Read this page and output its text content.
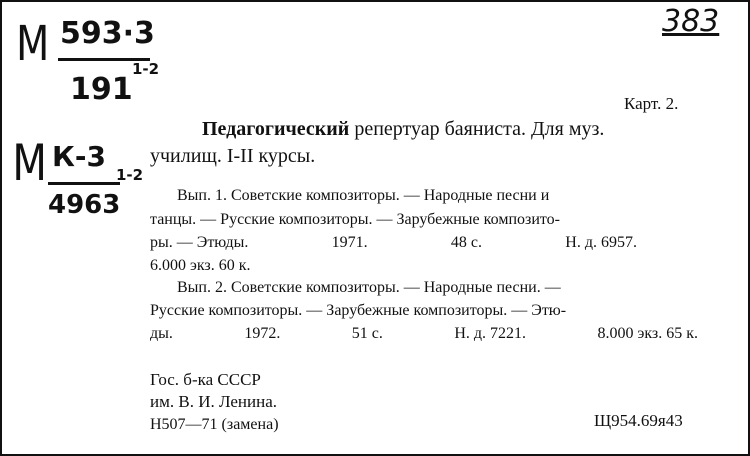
383
М 593·3
191
1-2
М К-3
4963
1-2
Карт. 2.
Педагогический репертуар баяниста. Для муз.
училищ. I-II курсы.
Вып. 1. Советские композиторы. — Народные песни и
танцы. — Русские композиторы. — Зарубежные композито-
ры. — Этюды.	1971.	48 с.	Н. д. 6957.
6.000 экз. 60 к.
Вып. 2. Советские композиторы. — Народные песни. —
Русские композиторы. — Зарубежные композиторы. — Этю-
ды.	1972.	51 с.	Н. д. 7221.	8.000 экз. 65 к.
Гос. б-ка СССР
им. В. И. Ленина.
Н507—71 (замена)	Щ954.69я43
